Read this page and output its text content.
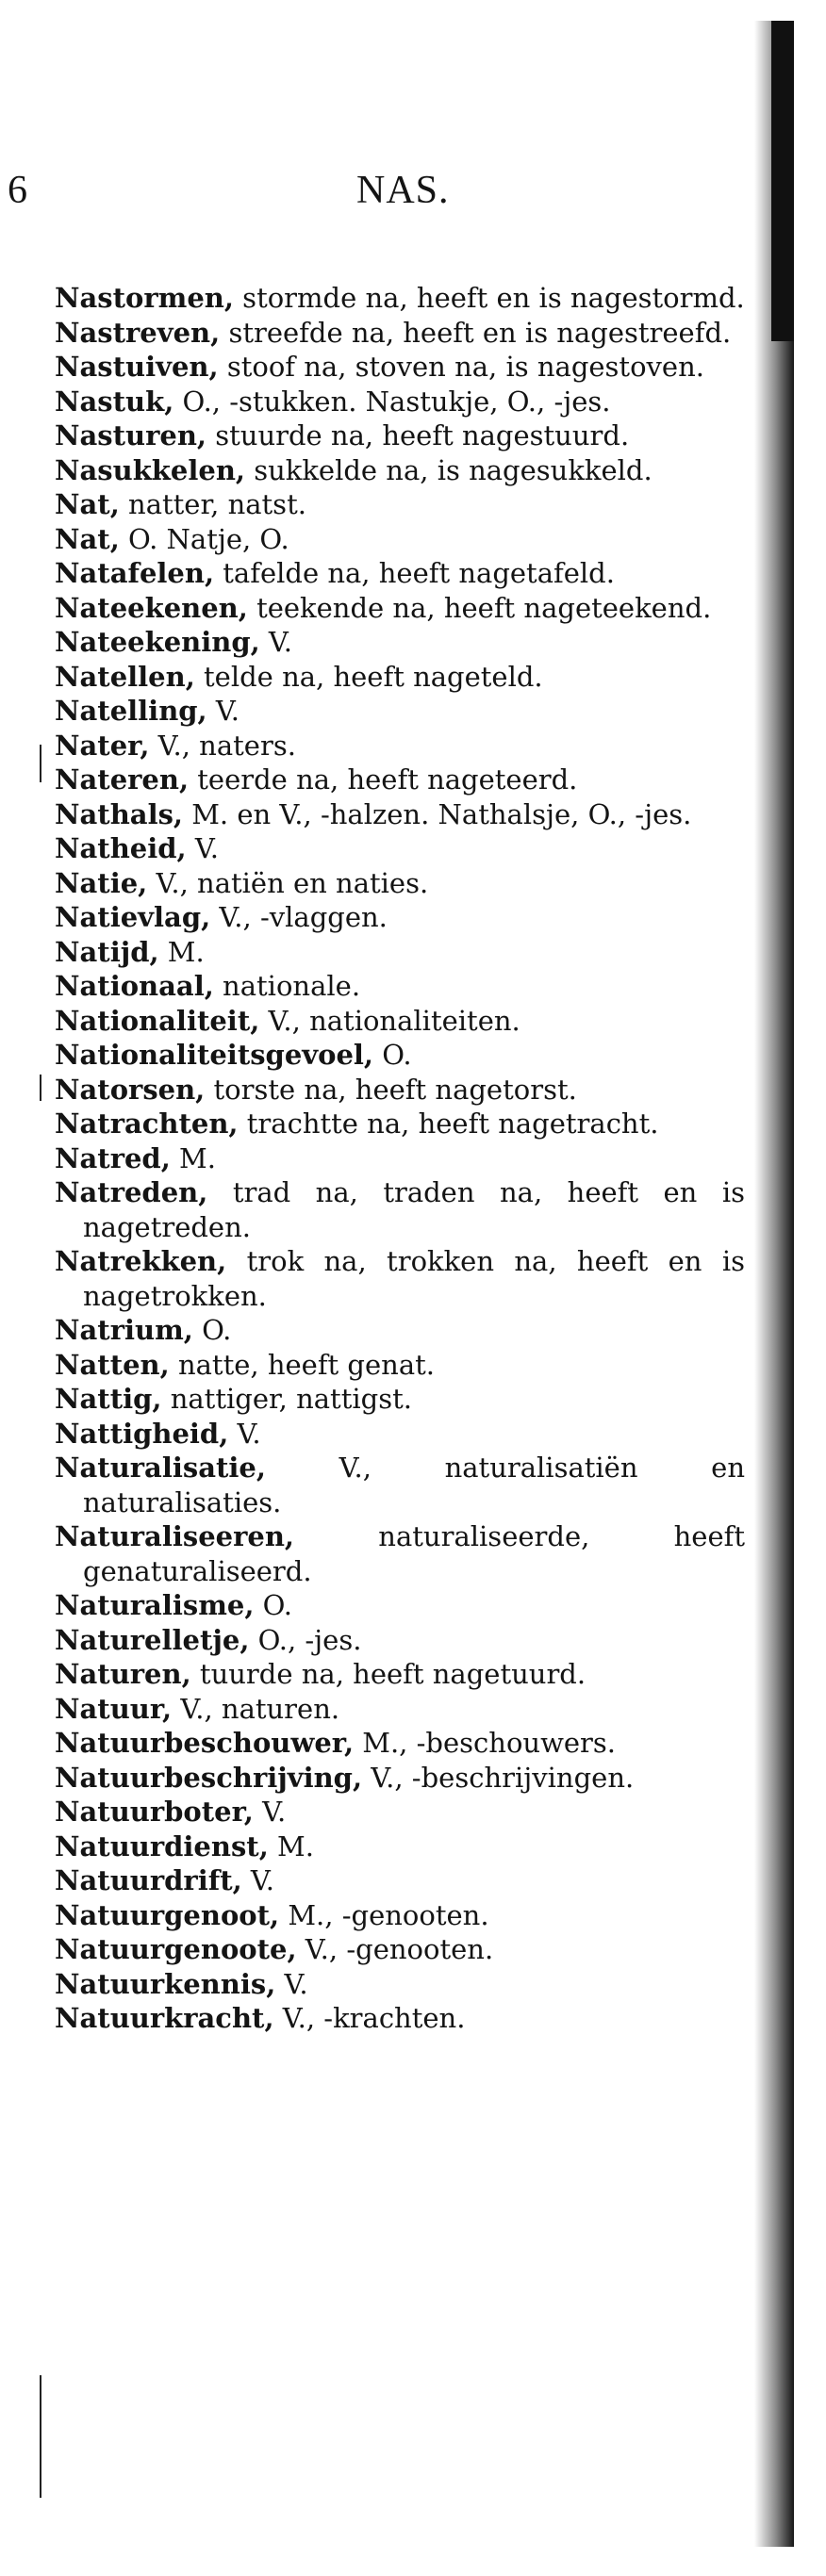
6	NAS.
Nastormen, stormde na, heeft en is nagestormd.
Nastreven, streefde na, heeft en is nagestreefd.
Nastuiven, stoof na, stoven na, is nagestoven.
Nastuk, O., -stukken. Nastukje, O., -jes.
Nasturen, stuurde na, heeft nagestuurd.
Nasukkelen, sukkelde na, is nagesukkeld.
Nat, natter, natst.
Nat, O. Natje, O.
Natafelen, tafelde na, heeft nagetafeld.
Nateekenen, teekende na, heeft nageteekend.
Nateekening, V.
Natellen, telde na, heeft nageteld.
Natelling, V.
Nater, V., naters.
Nateren, teerde na, heeft nageteerd.
Nathals, M. en V., -halzen. Nathalsje, O., -jes.
Natheid, V.
Natie, V., natiën en naties.
Natievlag, V., -vlaggen.
Natijd, M.
Nationaal, nationale.
Nationaliteit, V., nationaliteiten.
Nationaliteitsgevoel, O.
Natorsen, torste na, heeft nagetorst.
Natrachten, trachtte na, heeft nagetracht.
Natred, M.
Natreden, trad na, traden na, heeft en is nagetreden.
Natrekken, trok na, trokken na, heeft en is nagetrokken.
Natrium, O.
Natten, natte, heeft genat.
Nattig, nattiger, nattigst.
Nattigheid, V.
Naturalisatie, V., naturalisatiën en naturalisaties.
Naturaliseeren, naturaliseerde, heeft genaturaliseerd.
Naturalisme, O.
Naturelletje, O., -jes.
Naturen, tuurde na, heeft nagetuurd.
Natuur, V., naturen.
Natuurbeschouwer, M., -beschouwers.
Natuurbeschrijving, V., -beschrijvingen.
Natuurboter, V.
Natuurdienst, M.
Natuurdrift, V.
Natuurgenoot, M., -genooten.
Natuurgenoote, V., -genooten.
Natuurkennis, V.
Natuurkracht, V., -krachten.
